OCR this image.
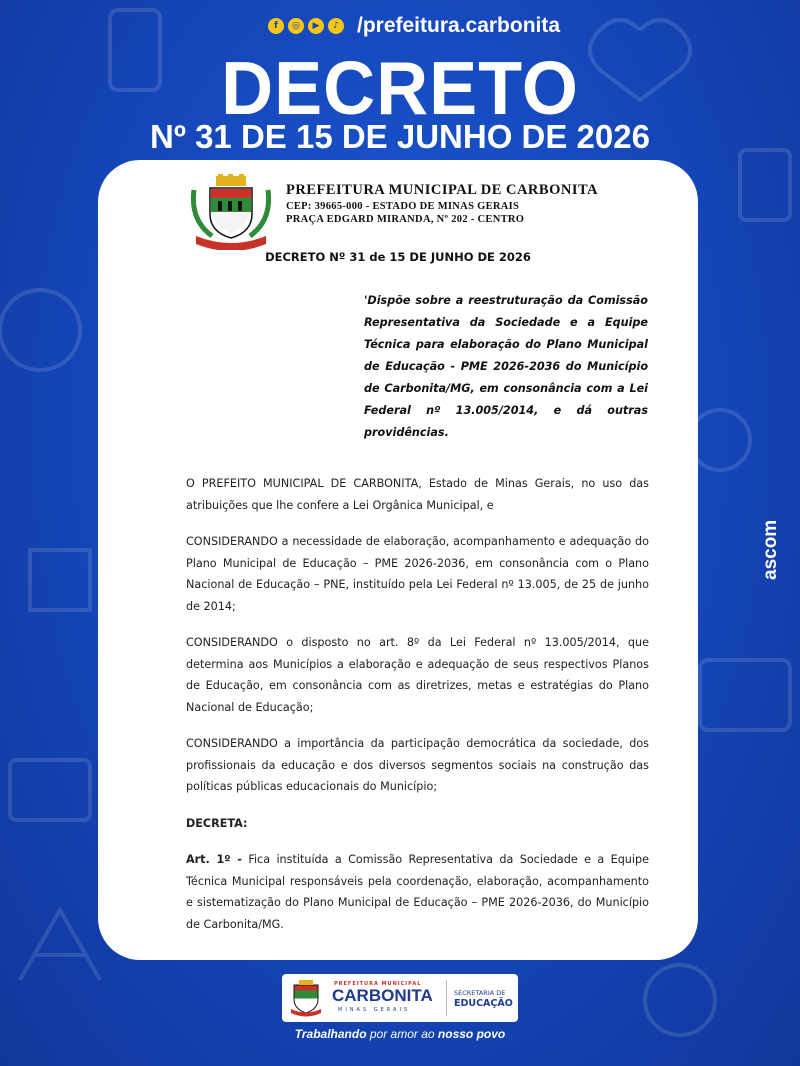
f	◎	▶	♪ /prefeitura.carbonita
DECRETO
Nº 31 DE 15 DE JUNHO DE 2026
PREFEITURA MUNICIPAL DE CARBONITA
CEP: 39665-000 - ESTADO DE MINAS GERAIS
PRAÇA EDGARD MIRANDA, Nº 202 - CENTRO
DECRETO Nº 31 de 15 DE JUNHO DE 2026
'Dispõe sobre a reestruturação da Comissão Representativa da Sociedade e a Equipe Técnica para elaboração do Plano Municipal de Educação - PME 2026-2036 do Município de Carbonita/MG, em consonância com a Lei Federal nº 13.005/2014, e dá outras providências.

O PREFEITO MUNICIPAL DE CARBONITA, Estado de Minas Gerais, no uso das atribuições que lhe confere a Lei Orgânica Municipal, e

CONSIDERANDO a necessidade de elaboração, acompanhamento e adequação do Plano Municipal de Educação – PME 2026-2036, em consonância com o Plano Nacional de Educação – PNE, instituído pela Lei Federal nº 13.005, de 25 de junho de 2014;

CONSIDERANDO o disposto no art. 8º da Lei Federal nº 13.005/2014, que determina aos Municípios a elaboração e adequação de seus respectivos Planos de Educação, em consonância com as diretrizes, metas e estratégias do Plano Nacional de Educação;

CONSIDERANDO a importância da participação democrática da sociedade, dos profissionais da educação e dos diversos segmentos sociais na construção das políticas públicas educacionais do Município;

DECRETA:

Art. 1º - Fica instituída a Comissão Representativa da Sociedade e a Equipe Técnica Municipal responsáveis pela coordenação, elaboração, acompanhamento e sistematização do Plano Municipal de Educação – PME 2026-2036, do Município de Carbonita/MG.

ascom
PREFEITURA MUNICIPAL
CARBONITA
MINAS GERAIS
SECRETARIA DE
EDUCAÇÃO
Trabalhando por amor ao nosso povo
